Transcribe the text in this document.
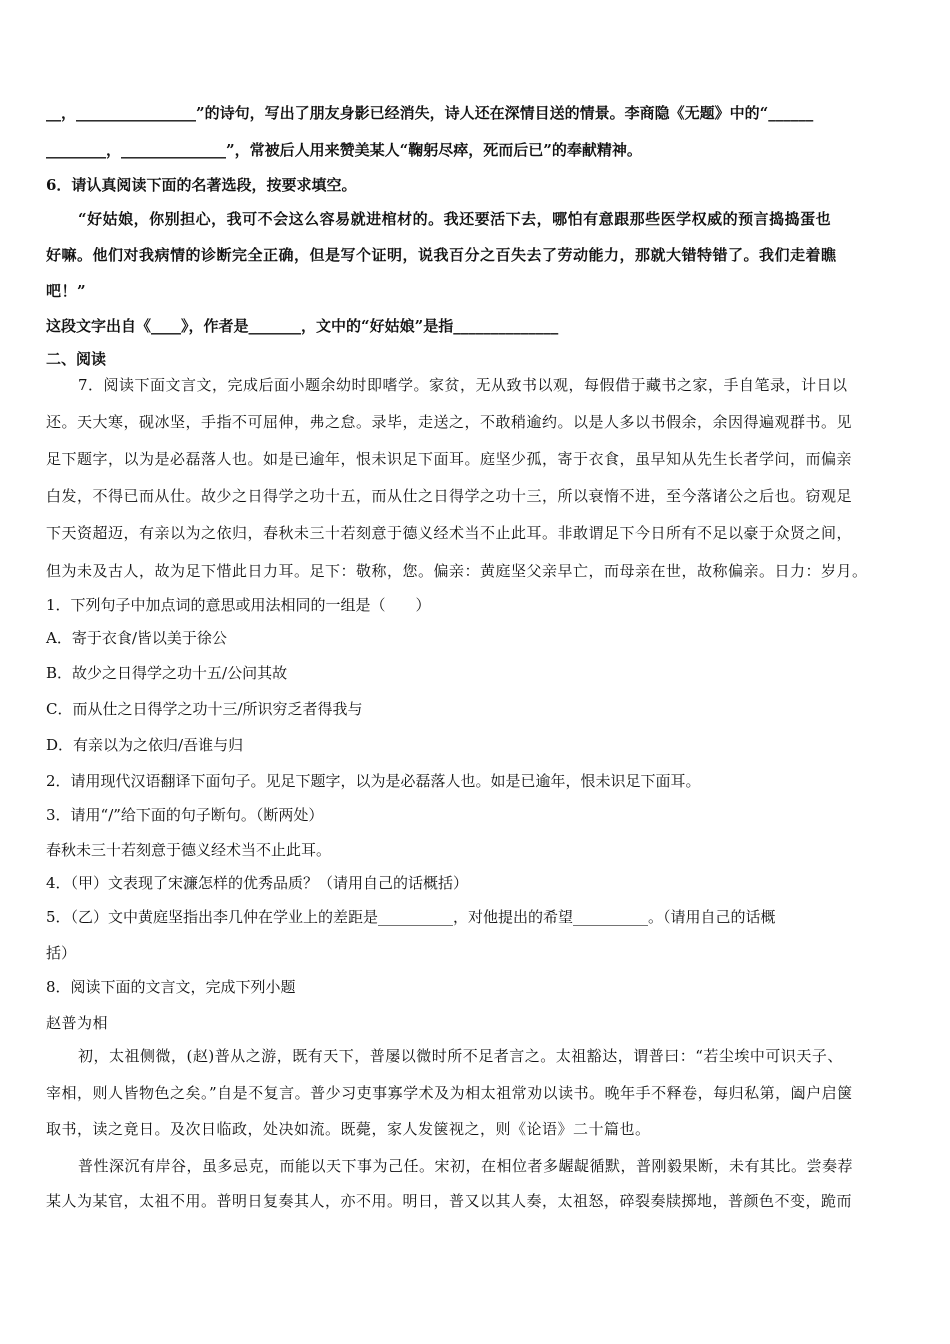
__，________________”的诗句，写出了朋友身影已经消失，诗人还在深情目送的情景。李商隐《无题》中的“______
________，______________”，常被后人用来赞美某人“鞠躬尽瘁，死而后已”的奉献精神。
6．请认真阅读下面的名著选段，按要求填空。
“好姑娘，你别担心，我可不会这么容易就进棺材的。我还要活下去，哪怕有意跟那些医学权威的预言捣捣蛋也
好嘛。他们对我病情的诊断完全正确，但是写个证明，说我百分之百失去了劳动能力，那就大错特错了。我们走着瞧
吧！”
这段文字出自《____》，作者是_______，文中的“好姑娘”是指______________
二、阅读
7．阅读下面文言文，完成后面小题余幼时即嗜学。家贫，无从致书以观，每假借于藏书之家，手自笔录，计日以
还。天大寒，砚冰坚，手指不可屈伸，弗之怠。录毕，走送之，不敢稍逾约。以是人多以书假余，余因得遍观群书。见
足下题字，以为是必磊落人也。如是已逾年，恨未识足下面耳。庭坚少孤，寄于衣食，虽早知从先生长者学问，而偏亲
白发，不得已而从仕。故少之日得学之功十五，而从仕之日得学之功十三，所以衰惰不进，至今落诸公之后也。窃观足
下天资超迈，有亲以为之依归，春秋未三十若刻意于德义经术当不止此耳。非敢谓足下今日所有不足以豪于众贤之间，
但为未及古人，故为足下惜此日力耳。足下：敬称，您。偏亲：黄庭坚父亲早亡，而母亲在世，故称偏亲。日力：岁月。
1．下列句子中加点词的意思或用法相同的一组是（　　）
A．寄于衣食/皆以美于徐公
B．故少之日得学之功十五/公问其故
C．而从仕之日得学之功十三/所识穷乏者得我与
D．有亲以为之依归/吾谁与归
2．请用现代汉语翻译下面句子。见足下题字，以为是必磊落人也。如是已逾年，恨未识足下面耳。
3．请用“/”给下面的句子断句。（断两处）
春秋未三十若刻意于德义经术当不止此耳。
4．（甲）文表现了宋濂怎样的优秀品质？（请用自己的话概括）
5．（乙）文中黄庭坚指出李几仲在学业上的差距是__________，对他提出的希望__________。（请用自己的话概
括）
8．阅读下面的文言文，完成下列小题
赵普为相
初，太祖侧微，(赵)普从之游，既有天下，普屡以微时所不足者言之。太祖豁达，谓普曰：“若尘埃中可识天子、
宰相，则人皆物色之矣。”自是不复言。普少习吏事寡学术及为相太祖常劝以读书。晚年手不释卷，每归私第，阖户启箧
取书，读之竟日。及次日临政，处决如流。既薨，家人发箧视之，则《论语》二十篇也。
普性深沉有岸谷，虽多忌克，而能以天下事为己任。宋初，在相位者多龌龊循默，普刚毅果断，未有其比。尝奏荐
某人为某官，太祖不用。普明日复奏其人，亦不用。明日，普又以其人奏，太祖怒，碎裂奏牍掷地，普颜色不变，跪而
